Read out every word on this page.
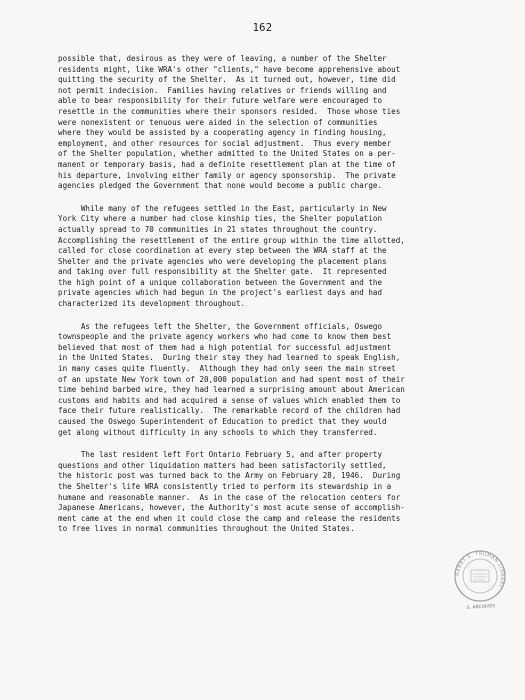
162
possible that, desirous as they were of leaving, a number of the Shelter
residents might, like WRA's other "clients," have become apprehensive about
quitting the security of the Shelter.  As it turned out, however, time did
not permit indecision.  Families having relatives or friends willing and
able to bear responsibility for their future welfare were encouraged to
resettle in the communities where their sponsors resided.  Those whose ties
were nonexistent or tenuous were aided in the selection of communities
where they would be assisted by a cooperating agency in finding housing,
employment, and other resources for social adjustment.  Thus every member
of the Shelter population, whether admitted to the United States on a per-
manent or temporary basis, had a definite resettlement plan at the time of
his departure, involving either family or agency sponsorship.  The private
agencies pledged the Government that none would become a public charge.
While many of the refugees settled in the East, particularly in New
York City where a number had close kinship ties, the Shelter population
actually spread to 70 communities in 21 states throughout the country.
Accomplishing the resettlement of the entire group within the time allotted,
called for close coordination at every step between the WRA staff at the
Shelter and the private agencies who were developing the placement plans
and taking over full responsibility at the Shelter gate.  It represented
the high point of a unique collaboration between the Government and the
private agencies which had begun in the project's earliest days and had
characterized its development throughout.
As the refugees left the Shelter, the Government officials, Oswego
townspeople and the private agency workers who had come to know them best
believed that most of them had a high potential for successful adjustment
in the United States.  During their stay they had learned to speak English,
in many cases quite fluently.  Although they had only seen the main street
of an upstate New York town of 20,000 population and had spent most of their
time behind barbed wire, they had learned a surprising amount about American
customs and habits and had acquired a sense of values which enabled them to
face their future realistically.  The remarkable record of the children had
caused the Oswego Superintendent of Education to predict that they would
get along without difficulty in any schools to which they transferred.
The last resident left Fort Ontario February 5, and after property
questions and other liquidation matters had been satisfactorily settled,
the historic post was turned back to the Army on February 28, 1946.  During
the Shelter's life WRA consistently tried to perform its stewardship in a
humane and reasonable manner.  As in the case of the relocation centers for
Japanese Americans, however, the Authority's most acute sense of accomplish-
ment came at the end when it could close the camp and release the residents
to free lives in normal communities throughout the United States.
HARRY S. TRUMAN LIBRARY
S. ARCHIVES
